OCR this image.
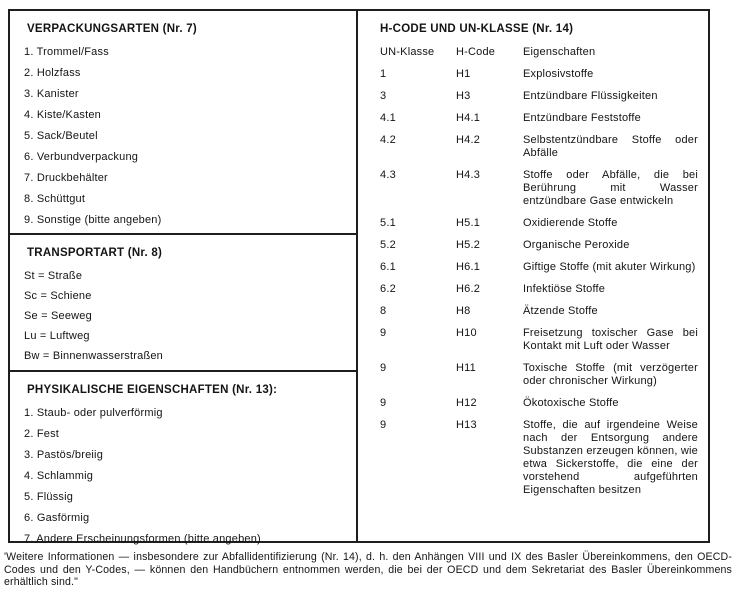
VERPACKUNGSARTEN (Nr. 7)
1. Trommel/Fass
2. Holzfass
3. Kanister
4. Kiste/Kasten
5. Sack/Beutel
6. Verbundverpackung
7. Druckbehälter
8. Schüttgut
9. Sonstige (bitte angeben)
TRANSPORTART (Nr. 8)
St = Straße
Sc = Schiene
Se = Seeweg
Lu = Luftweg
Bw = Binnenwasserstraßen
PHYSIKALISCHE EIGENSCHAFTEN (Nr. 13):
1. Staub- oder pulverförmig
2. Fest
3. Pastös/breiig
4. Schlammig
5. Flüssig
6. Gasförmig
7. Andere Erscheinungsformen (bitte angeben)
H-CODE UND UN-KLASSE (Nr. 14)
UN-Klasse	H-Code	Eigenschaften
1	H1	Explosivstoffe
3	H3	Entzündbare Flüssigkeiten
4.1	H4.1	Entzündbare Feststoffe
4.2	H4.2	Selbstentzündbare Stoffe oder Abfälle
4.3	H4.3	Stoffe oder Abfälle, die bei Berührung mit Wasser entzündbare Gase entwickeln
5.1	H5.1	Oxidierende Stoffe
5.2	H5.2	Organische Peroxide
6.1	H6.1	Giftige Stoffe (mit akuter Wirkung)
6.2	H6.2	Infektiöse Stoffe
8	H8	Ätzende Stoffe
9	H10	Freisetzung toxischer Gase bei Kontakt mit Luft oder Wasser
9	H11	Toxische Stoffe (mit verzögerter oder chronischer Wirkung)
9	H12	Ökotoxische Stoffe
9	H13	Stoffe, die auf irgendeine Weise nach der Entsorgung andere Substanzen erzeugen können, wie etwa Sickerstoffe, die eine der vorstehend aufgeführten Eigenschaften besitzen
'Weitere Informationen — insbesondere zur Abfallidentifizierung (Nr. 14), d. h. den Anhängen VIII und IX des Basler Übereinkommens, den OECD-Codes und den Y-Codes, — können den Handbüchern entnommen werden, die bei der OECD und dem Sekretariat des Basler Übereinkommens erhältlich sind."
